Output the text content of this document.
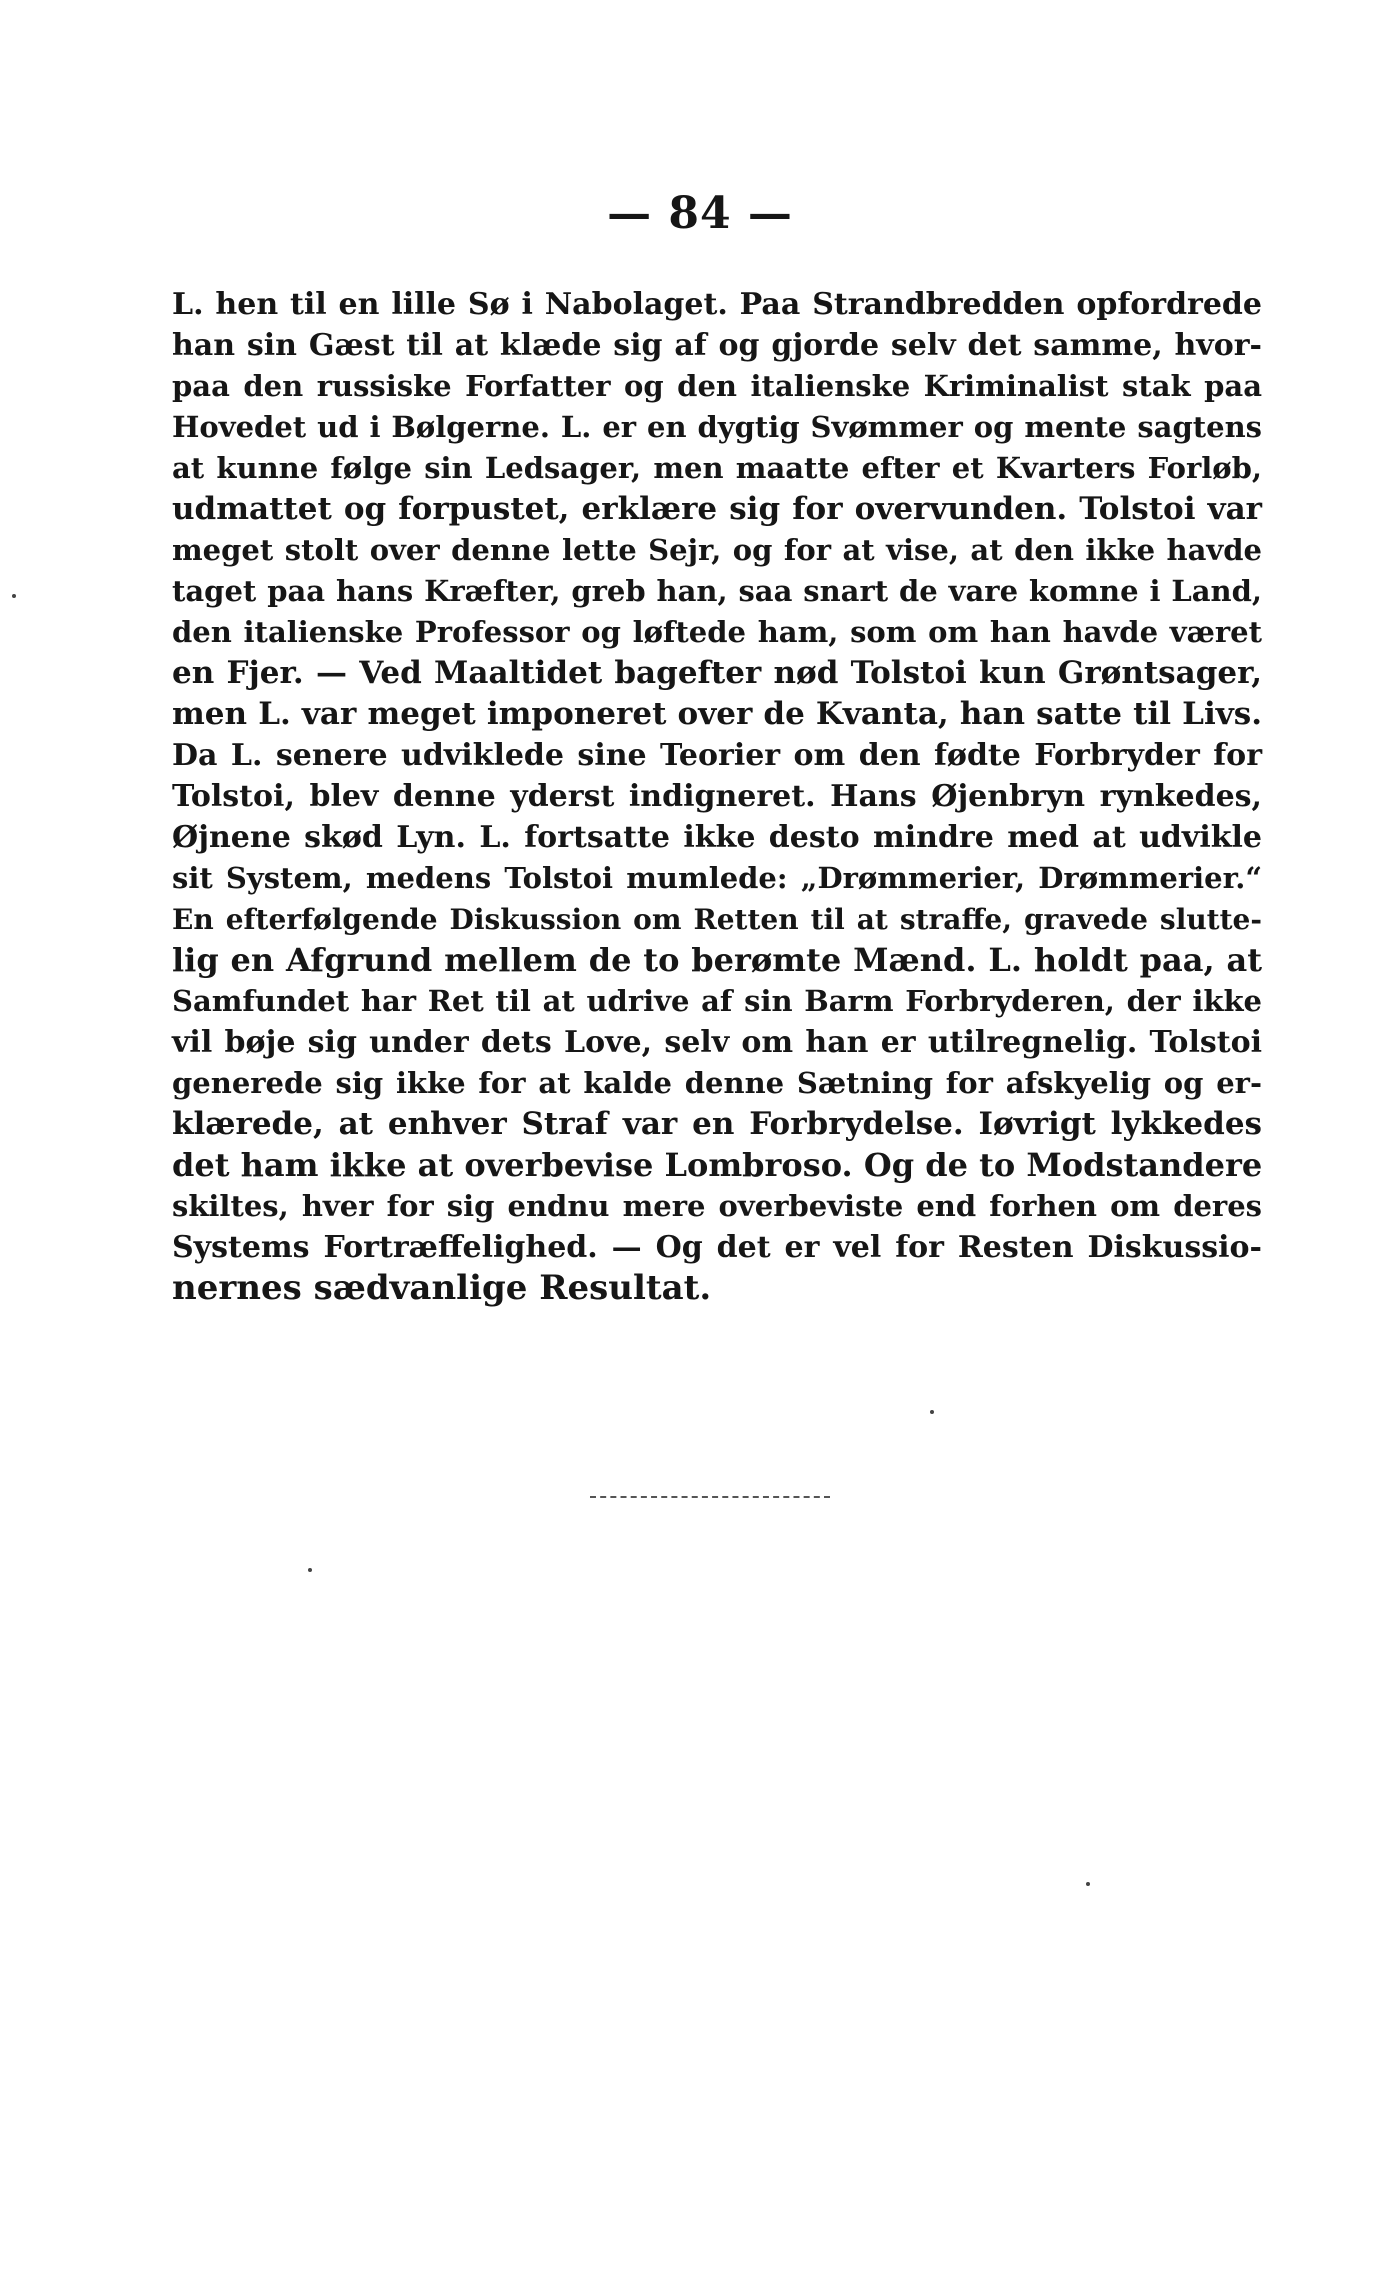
— 84 —
L. hen til en lille Sø i Nabolaget. Paa Strandbredden opfordrede
han sin Gæst til at klæde sig af og gjorde selv det samme, hvor-
paa den russiske Forfatter og den italienske Kriminalist stak paa
Hovedet ud i Bølgerne. L. er en dygtig Svømmer og mente sagtens
at kunne følge sin Ledsager, men maatte efter et Kvarters Forløb,
udmattet og forpustet, erklære sig for overvunden. Tolstoi var
meget stolt over denne lette Sejr, og for at vise, at den ikke havde
taget paa hans Kræfter, greb han, saa snart de vare komne i Land,
den italienske Professor og løftede ham, som om han havde været
en Fjer. — Ved Maaltidet bagefter nød Tolstoi kun Grøntsager,
men L. var meget imponeret over de Kvanta, han satte til Livs.
Da L. senere udviklede sine Teorier om den fødte Forbryder for
Tolstoi, blev denne yderst indigneret. Hans Øjenbryn rynkedes,
Øjnene skød Lyn. L. fortsatte ikke desto mindre med at udvikle
sit System, medens Tolstoi mumlede: „Drømmerier, Drømmerier.“
En efterfølgende Diskussion om Retten til at straffe, gravede slutte-
lig en Afgrund mellem de to berømte Mænd. L. holdt paa, at
Samfundet har Ret til at udrive af sin Barm Forbryderen, der ikke
vil bøje sig under dets Love, selv om han er utilregnelig. Tolstoi
generede sig ikke for at kalde denne Sætning for afskyelig og er-
klærede, at enhver Straf var en Forbrydelse. Iøvrigt lykkedes
det ham ikke at overbevise Lombroso. Og de to Modstandere
skiltes, hver for sig endnu mere overbeviste end forhen om deres
Systems Fortræffelighed. — Og det er vel for Resten Diskussio-
nernes sædvanlige Resultat.
